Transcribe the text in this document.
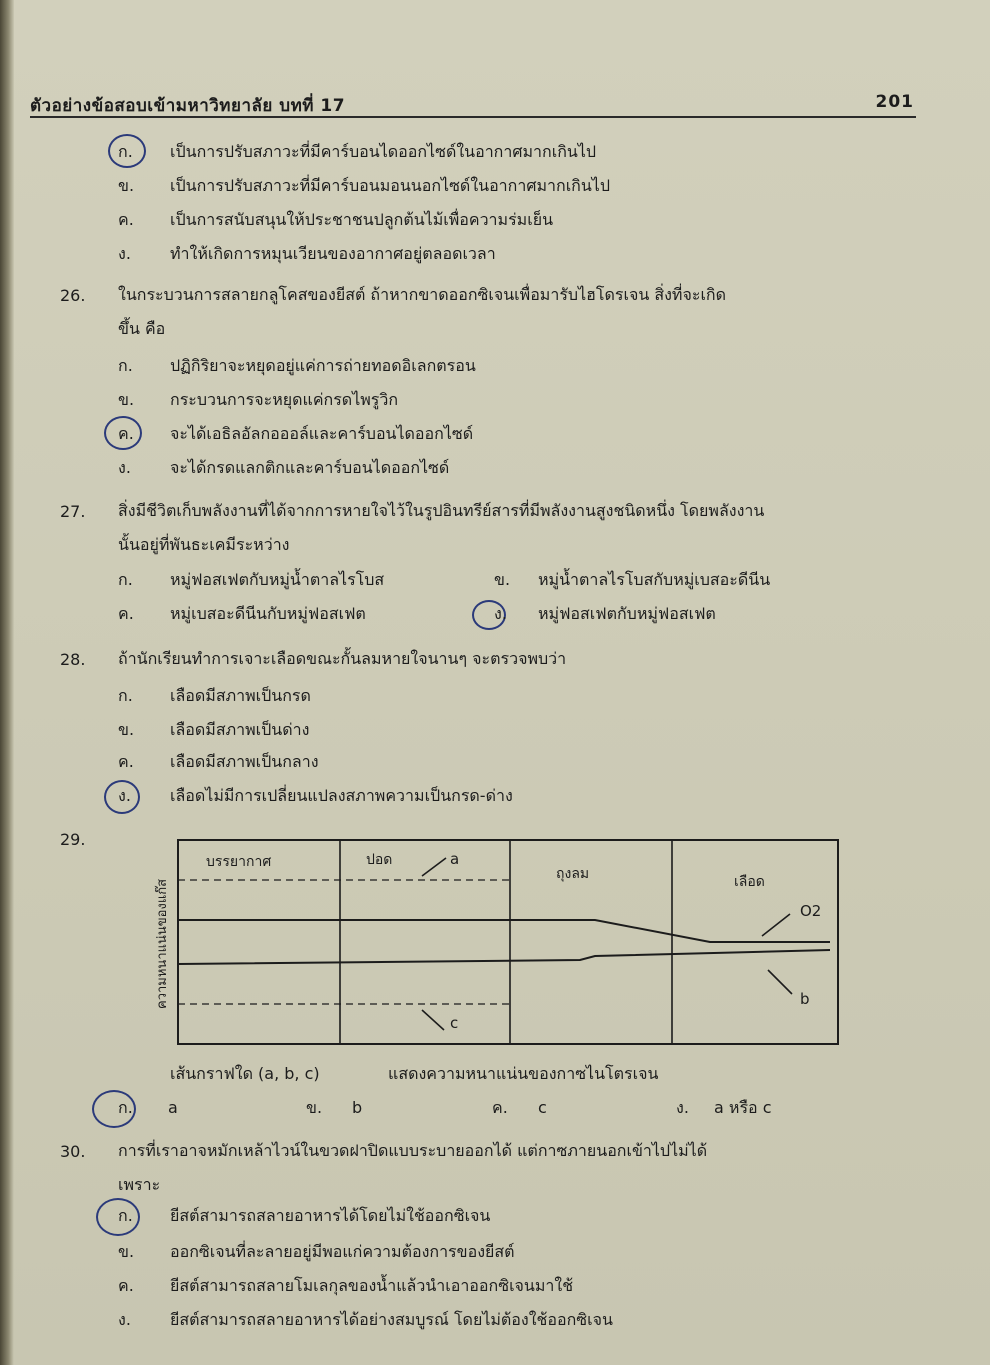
ตัวอย่างข้อสอบเข้ามหาวิทยาลัย บทที่ 17	201
ก. เป็นการปรับสภาวะที่มีคาร์บอนไดออกไซด์ในอากาศมากเกินไป
ข. เป็นการปรับสภาวะที่มีคาร์บอนมอนนอกไซด์ในอากาศมากเกินไป
ค. เป็นการสนับสนุนให้ประชาชนปลูกต้นไม้เพื่อความร่มเย็น
ง. ทำให้เกิดการหมุนเวียนของอากาศอยู่ตลอดเวลา
26. ในกระบวนการสลายกลูโคสของยีสต์ ถ้าหากขาดออกซิเจนเพื่อมารับไฮโดรเจน สิ่งที่จะเกิด
ขึ้น คือ
ก. ปฏิกิริยาจะหยุดอยู่แค่การถ่ายทอดอิเลกตรอน
ข. กระบวนการจะหยุดแค่กรดไพรูวิก
ค. จะได้เอธิลอัลกอออล์และคาร์บอนไดออกไซด์
ง. จะได้กรดแลกติกและคาร์บอนไดออกไซด์
27. สิ่งมีชีวิตเก็บพลังงานที่ได้จากการหายใจไว้ในรูปอินทรีย์สารที่มีพลังงานสูงชนิดหนึ่ง โดยพลังงาน
นั้นอยู่ที่พันธะเคมีระหว่าง
ก. หมู่ฟอสเฟตกับหมู่น้ำตาลไรโบส	ข. หมู่น้ำตาลไรโบสกับหมู่เบสอะดีนีน
ค. หมู่เบสอะดีนีนกับหมู่ฟอสเฟต	ง. หมู่ฟอสเฟตกับหมู่ฟอสเฟต
28. ถ้านักเรียนทำการเจาะเลือดขณะกั้นลมหายใจนานๆ จะตรวจพบว่า
ก. เลือดมีสภาพเป็นกรด
ข. เลือดมีสภาพเป็นด่าง
ค. เลือดมีสภาพเป็นกลาง
ง. เลือดไม่มีการเปลี่ยนแปลงสภาพความเป็นกรด-ด่าง
29.
ความหนาแน่นของแก๊ส
บรรยากาศ	ปอด
ถุงลม	เลือด
a
c
O2
b
เส้นกราฟใด (a, b, c)	แสดงความหนาแน่นของกาซไนโตรเจน
ก. a	ข. b	ค. c	ง. a หรือ c
30. การที่เราอาจหมักเหล้าไวน์ในขวดฝาปิดแบบระบายออกได้ แต่กาซภายนอกเข้าไปไม่ได้
เพราะ
ก. ยีสต์สามารถสลายอาหารได้โดยไม่ใช้ออกซิเจน
ข. ออกซิเจนที่ละลายอยู่มีพอแก่ความต้องการของยีสต์
ค. ยีสต์สามารถสลายโมเลกุลของน้ำแล้วนำเอาออกซิเจนมาใช้
ง. ยีสต์สามารถสลายอาหารได้อย่างสมบูรณ์ โดยไม่ต้องใช้ออกซิเจน
